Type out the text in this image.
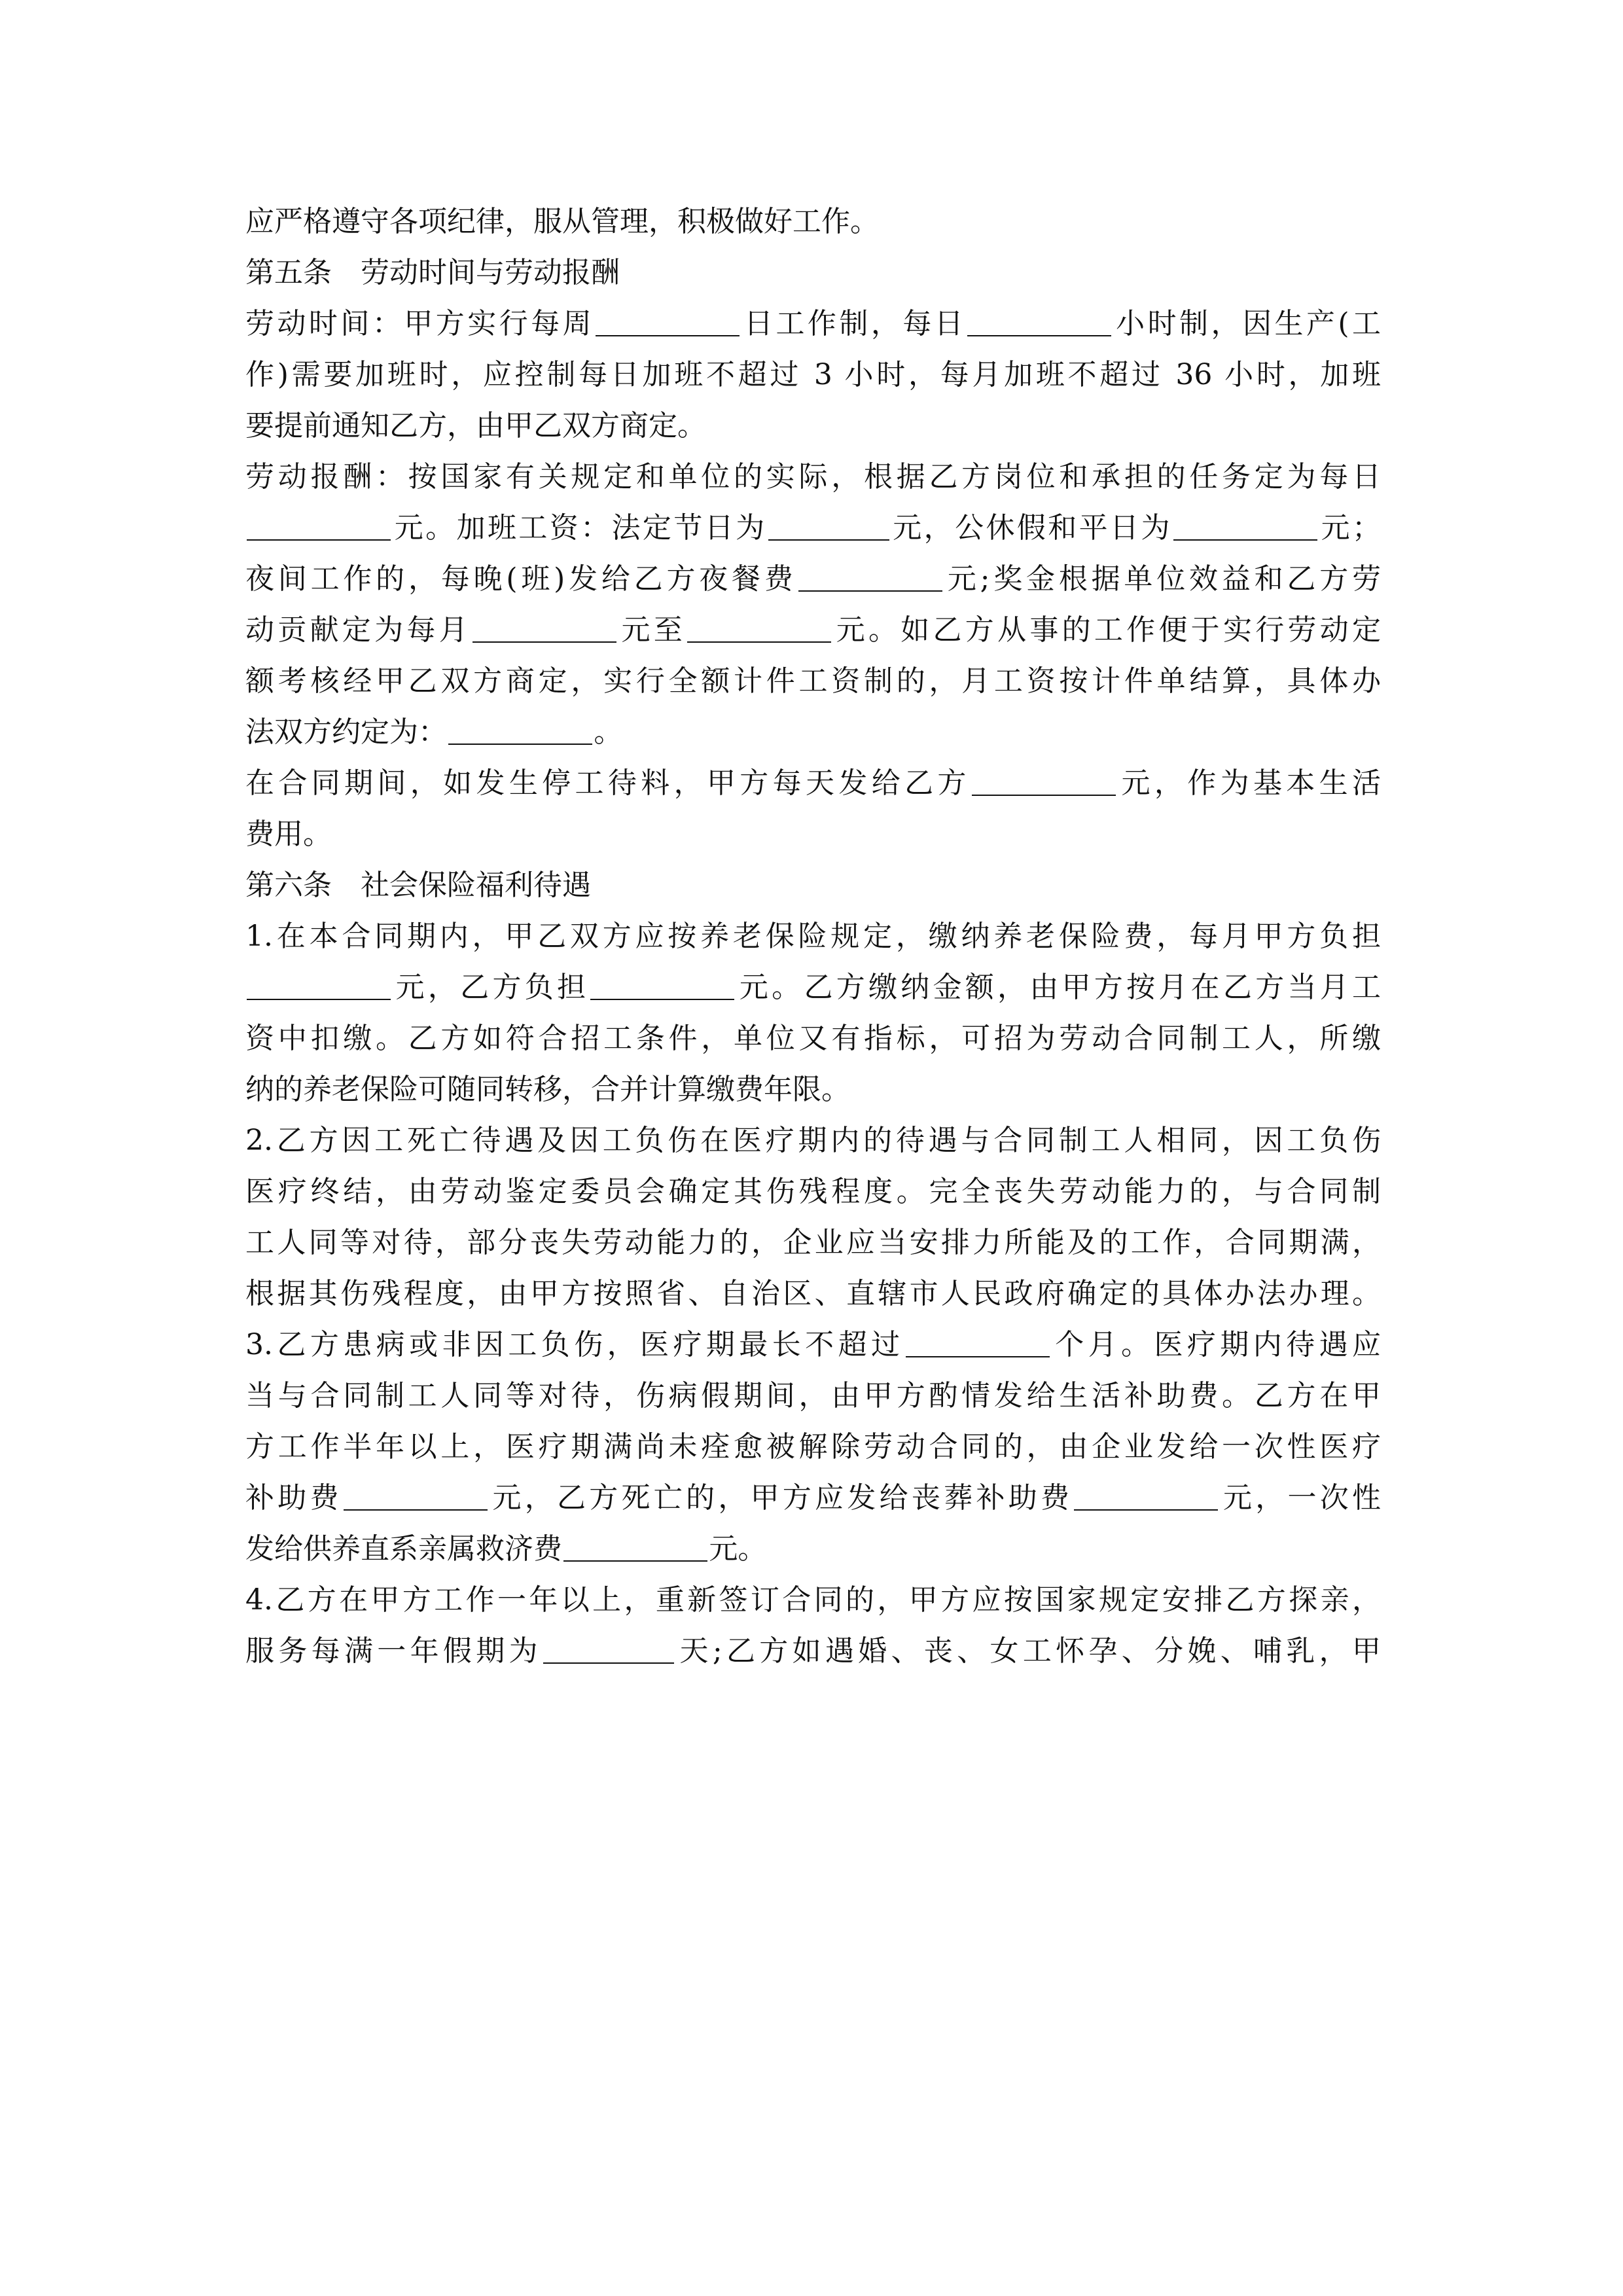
应严格遵守各项纪律，服从管理，积极做好工作。
第五条　劳动时间与劳动报酬
劳动时间：甲方实行每周	日工作制，每日	小时制，因生产(工
作)需要加班时，应控制每日加班不超过 3 小时，每月加班不超过 36 小时，加班
要提前通知乙方，由甲乙双方商定。
劳动报酬：按国家有关规定和单位的实际，根据乙方岗位和承担的任务定为每日
元。加班工资：法定节日为	元，公休假和平日为	元；
夜间工作的，每晚(班)发给乙方夜餐费	元;奖金根据单位效益和乙方劳
动贡献定为每月	元至	元。如乙方从事的工作便于实行劳动定
额考核经甲乙双方商定，实行全额计件工资制的，月工资按计件单结算，具体办
法双方约定为：	。
在合同期间，如发生停工待料，甲方每天发给乙方	元，作为基本生活
费用。
第六条　社会保险福利待遇
1.在本合同期内，甲乙双方应按养老保险规定，缴纳养老保险费，每月甲方负担
元，乙方负担	元。乙方缴纳金额，由甲方按月在乙方当月工
资中扣缴。乙方如符合招工条件，单位又有指标，可招为劳动合同制工人，所缴
纳的养老保险可随同转移，合并计算缴费年限。
2.乙方因工死亡待遇及因工负伤在医疗期内的待遇与合同制工人相同，因工负伤
医疗终结，由劳动鉴定委员会确定其伤残程度。完全丧失劳动能力的，与合同制
工人同等对待，部分丧失劳动能力的，企业应当安排力所能及的工作，合同期满，
根据其伤残程度，由甲方按照省、自治区、直辖市人民政府确定的具体办法办理。
3.乙方患病或非因工负伤，医疗期最长不超过	个月。医疗期内待遇应
当与合同制工人同等对待，伤病假期间，由甲方酌情发给生活补助费。乙方在甲
方工作半年以上，医疗期满尚未痊愈被解除劳动合同的，由企业发给一次性医疗
补助费	元，乙方死亡的，甲方应发给丧葬补助费	元，一次性
发给供养直系亲属救济费	元。
4.乙方在甲方工作一年以上，重新签订合同的，甲方应按国家规定安排乙方探亲，
服务每满一年假期为	天;乙方如遇婚、丧、女工怀孕、分娩、哺乳，甲
